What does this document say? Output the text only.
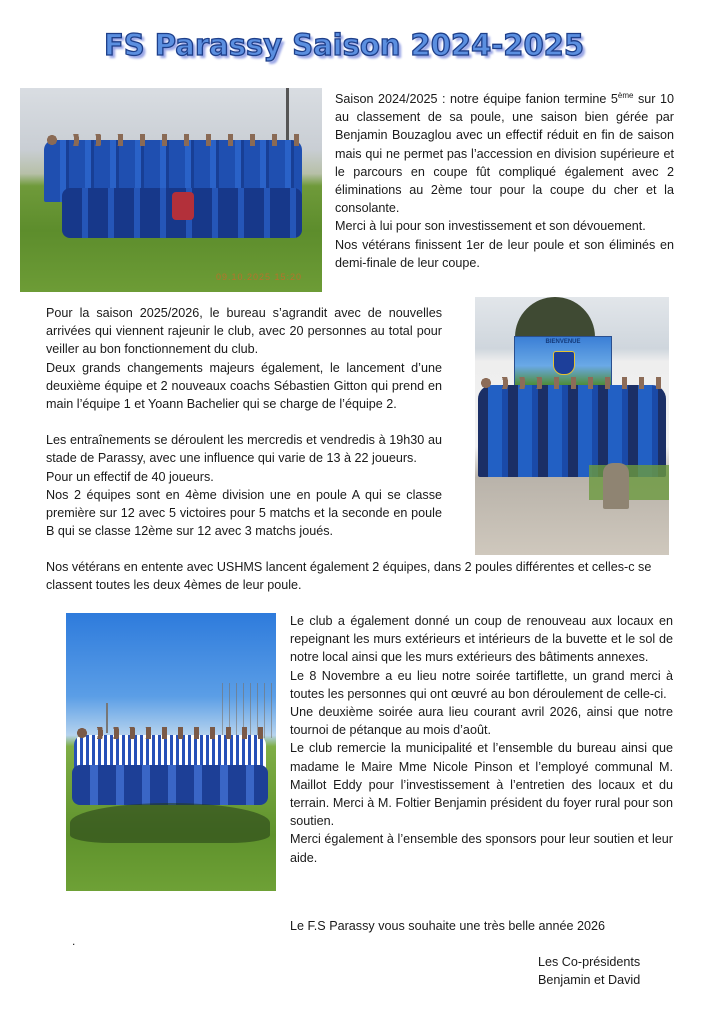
FS Parassy Saison 2024-2025
09.10.2025 15:20

Saison 2024/2025 : notre équipe fanion termine 5ème sur 10 au classement de sa poule, une saison bien gérée par Benjamin Bouzaglou avec un effectif réduit en fin de saison mais qui ne permet pas l’accession en division supérieure et le parcours en coupe fût compliqué également avec 2 éliminations au 2ème tour pour la coupe du cher et la consolante.

Merci à lui pour son investissement et son dévouement.

Nos vétérans finissent 1er de leur poule et son éliminés en demi-finale de leur coupe.

Pour la saison 2025/2026, le bureau s’agrandit avec de nouvelles arrivées qui viennent rajeunir le club, avec 20 personnes au total pour veiller au bon fonctionnement du club.

Deux grands changements majeurs également, le lancement d’une deuxième équipe et 2 nouveaux coachs Sébastien Gitton qui prend en main l’équipe 1 et Yoann Bachelier qui se charge de l’équipe 2.

Les entraînements se déroulent les mercredis et vendredis à 19h30 au stade de Parassy, avec une influence qui varie de 13 à 22 joueurs.

Pour un effectif de 40 joueurs.

Nos 2 équipes sont en 4ème division une en poule A qui se classe première sur 12 avec 5 victoires pour 5 matchs et la seconde en poule B qui se classe 12ème sur 12 avec 3 matchs joués.

BIENVENUE

Nos vétérans en entente avec USHMS lancent également 2 équipes, dans 2 poules différentes et celles-c se classent toutes les deux 4èmes de leur poule.

Le club a également donné un coup de renouveau aux locaux en repeignant les murs extérieurs et intérieurs de la buvette et le sol de notre local ainsi que les murs extérieurs des bâtiments annexes.

Le 8 Novembre a eu lieu notre soirée tartiflette, un grand merci à toutes les personnes qui ont œuvré au bon déroulement de celle-ci.

Une deuxième soirée aura lieu courant avril 2026, ainsi que notre tournoi de pétanque au mois d’août.

Le club remercie la municipalité et l’ensemble du bureau ainsi que madame le Maire Mme Nicole Pinson et l’employé communal M. Maillot Eddy pour l’investissement à l’entretien des locaux et du terrain. Merci à M. Foltier Benjamin président du foyer rural pour son soutien.

Merci également à l’ensemble des sponsors pour leur soutien et leur aide.

Le F.S Parassy vous souhaite une très belle année 2026
.

Les Co-présidents

Benjamin et David
